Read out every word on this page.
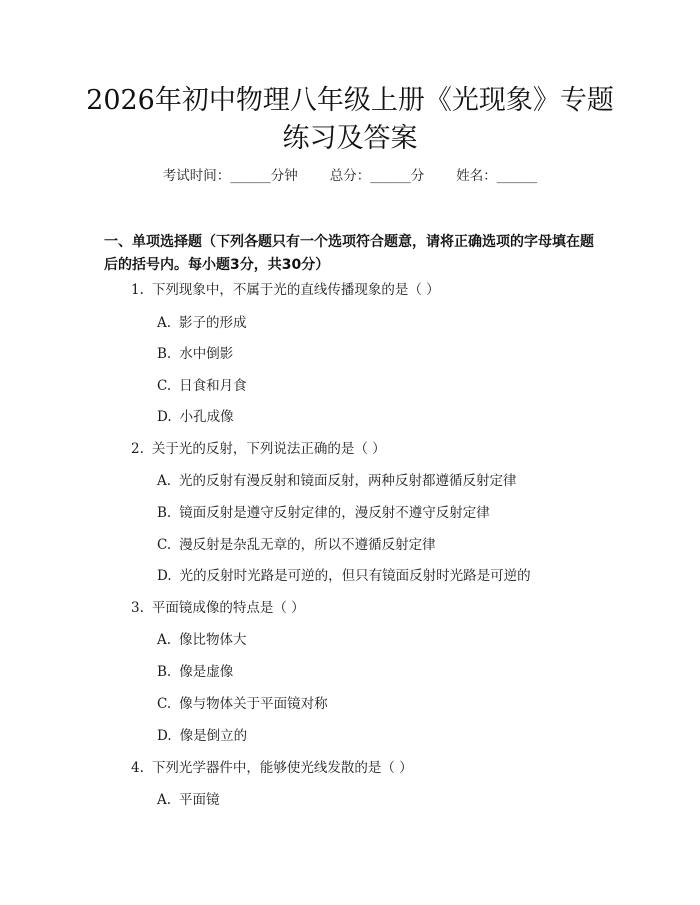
2026年初中物理八年级上册《光现象》专题
练习及答案
考试时间：______分钟 总分：______分 姓名：______
一、单项选择题（下列各题只有一个选项符合题意，请将正确选项的字母填在题
后的括号内。每小题3分，共30分）
1. 下列现象中，不属于光的直线传播现象的是（ ）
A. 影子的形成
B. 水中倒影
C. 日食和月食
D. 小孔成像
2. 关于光的反射，下列说法正确的是（ ）
A. 光的反射有漫反射和镜面反射，两种反射都遵循反射定律
B. 镜面反射是遵守反射定律的，漫反射不遵守反射定律
C. 漫反射是杂乱无章的，所以不遵循反射定律
D. 光的反射时光路是可逆的，但只有镜面反射时光路是可逆的
3. 平面镜成像的特点是（ ）
A. 像比物体大
B. 像是虚像
C. 像与物体关于平面镜对称
D. 像是倒立的
4. 下列光学器件中，能够使光线发散的是（ ）
A. 平面镜
